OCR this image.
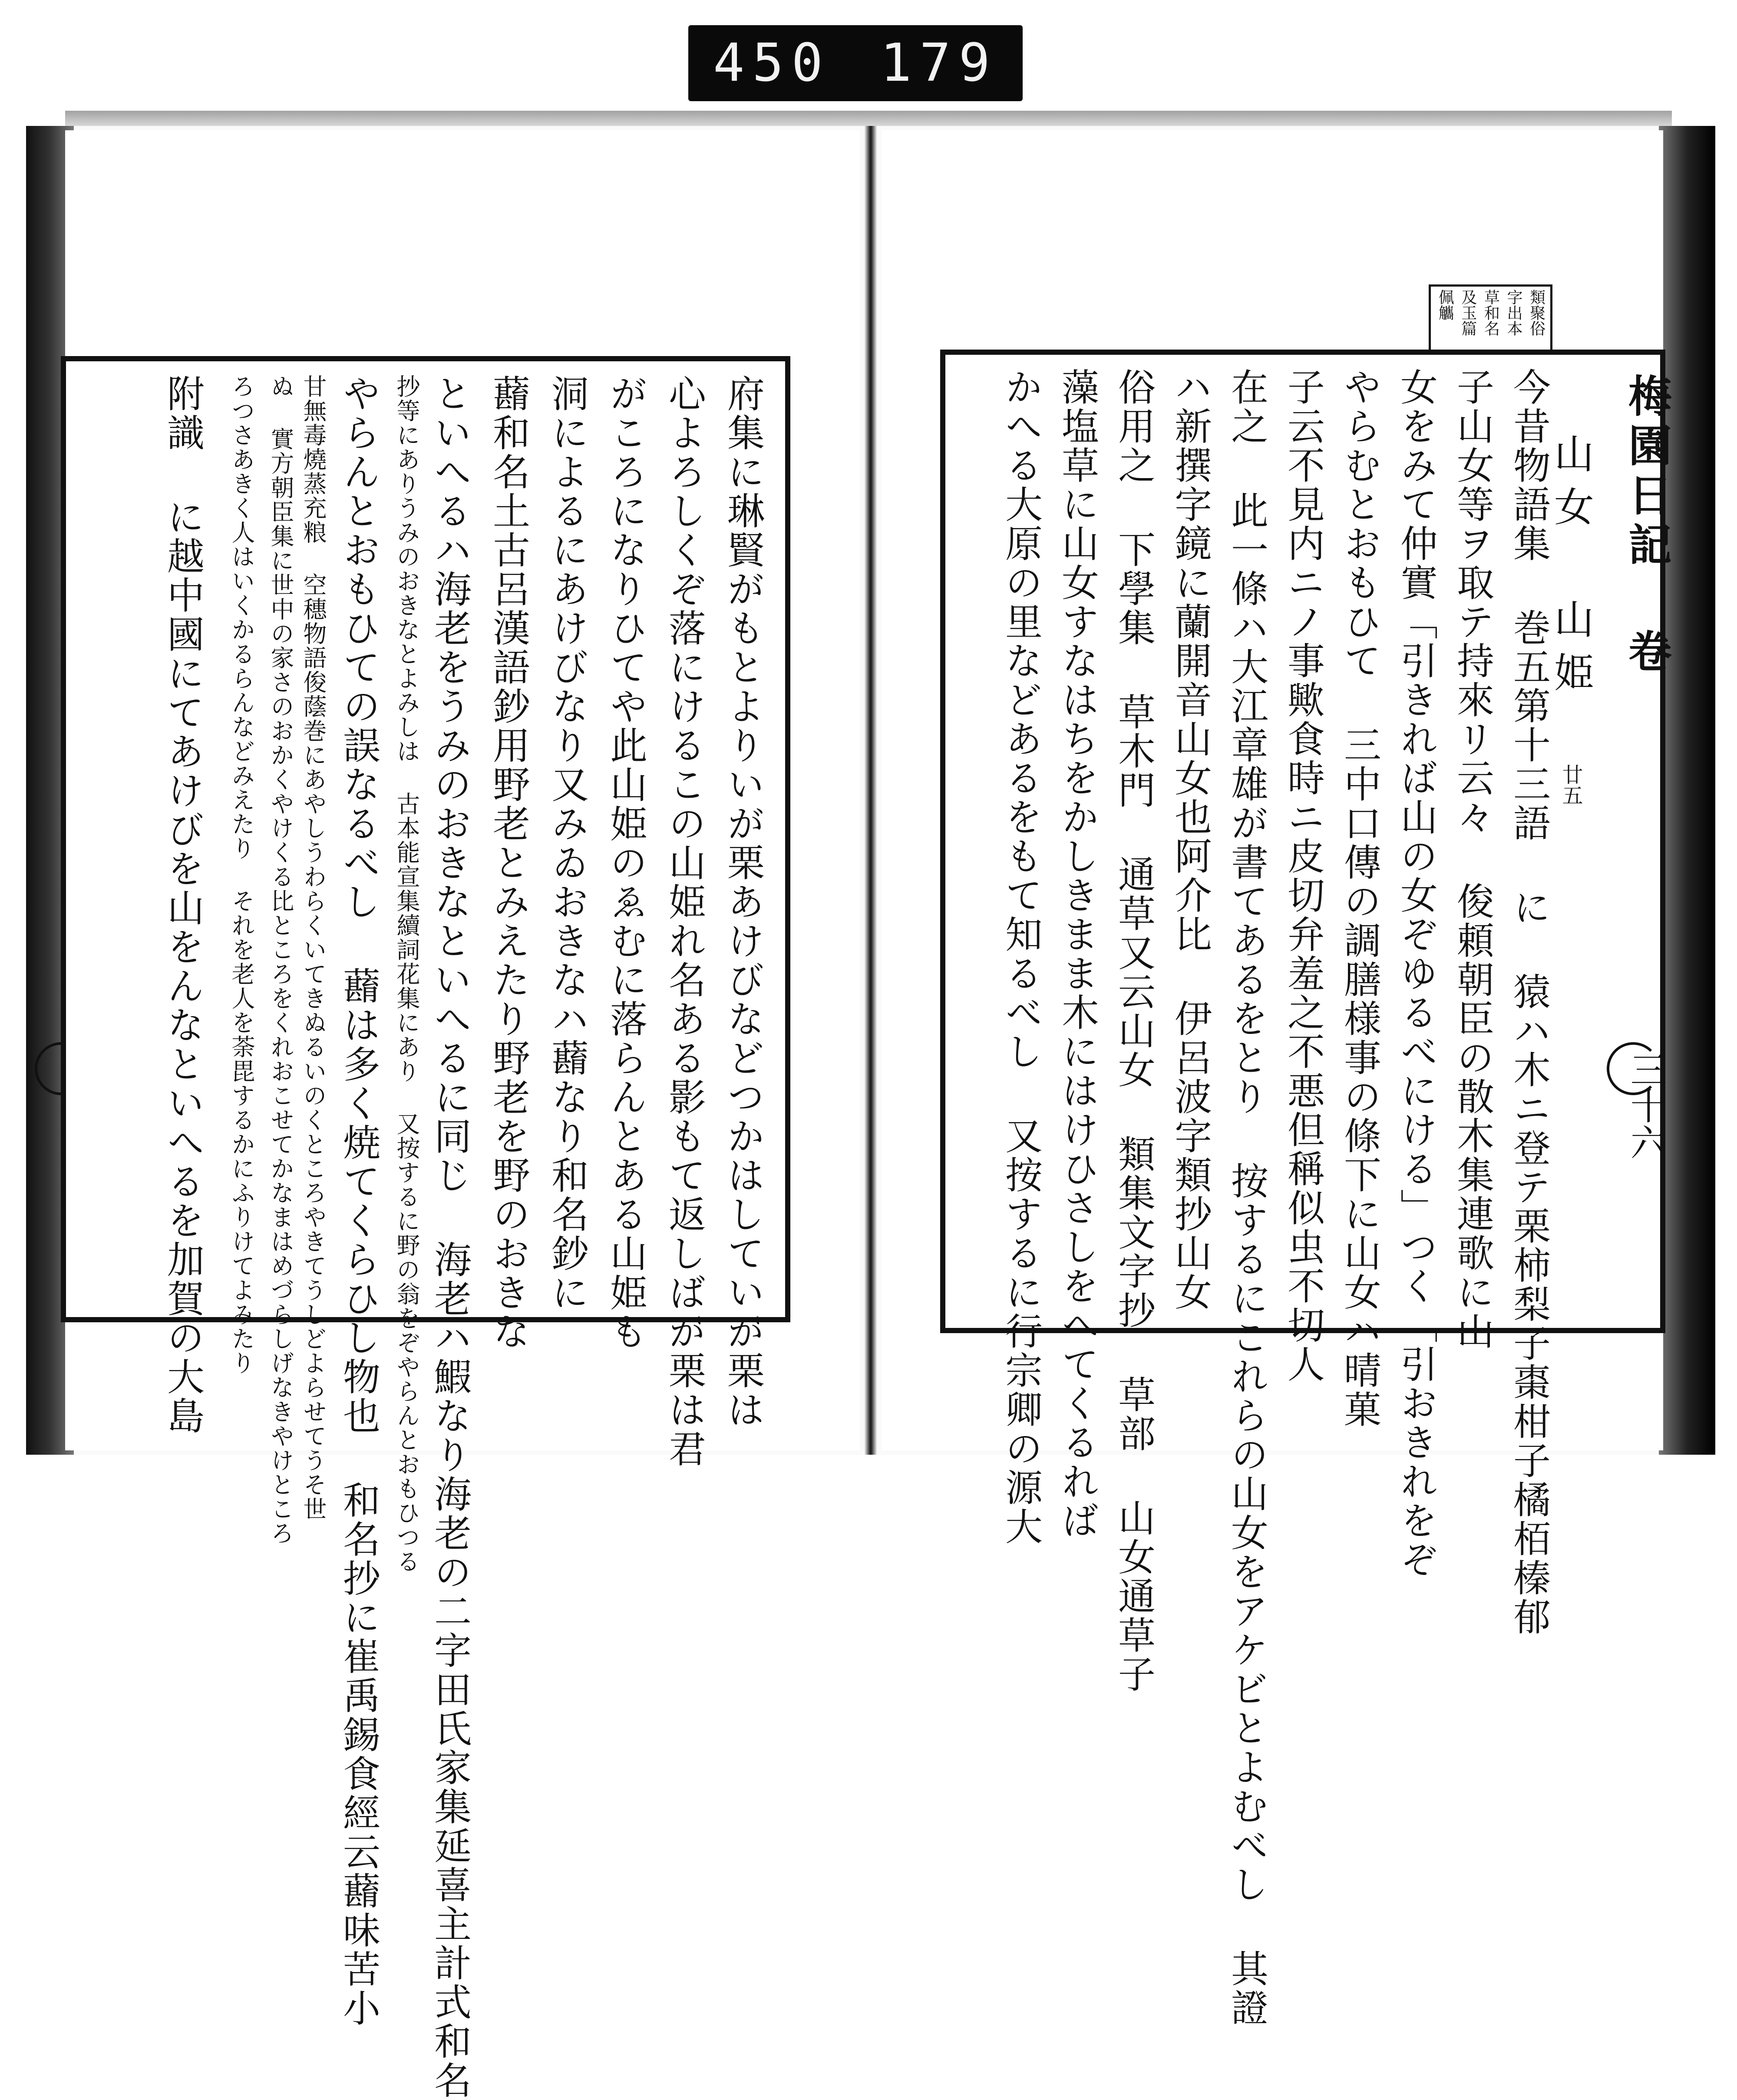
450 179
府集に琳賢がもとよりいが栗あけびなどつかはしていが栗は
心よろしくぞ落にけるこの山姫れ名ある影もて返しばが栗は君
がころになりひてや此山姫のゑむに落らんとある山姫も
洞によるにあけびなり又みゐおきなハ蘛なり和名鈔に
蘛和名土古呂漢語鈔用野老とみえたり野老を野のおきな
といへるハ海老をうみのおきなといへるに同じ 海老ハ鰕なり海老の二字田氏家集延喜主計式和名
抄等にありうみのおきなとよみしは 古本能宣集續詞花集にあり 又按するに野の翁をぞやらんとおもひつる
やらんとおもひての誤なるべし 蘛は多く焼てくらひし物也 和名抄に崔禹錫食經云蘛味苦小
甘無毒燒蒸充粮 空穗物語俊蔭巻にあやしうわらくいてきぬるいのくところやきてうしどよらせてうそ世
ぬ 實方朝臣集に世中の家さのおかくやけくる比ところをくれおこせてかなまはめづらしげなきやけところ
ろつさあきく人はいくかるらんなどみえたり それを老人を荼毘するかにふりけてよみたり
附識 に越中國にてあけびを山をんなといへるを加賀の大島
類聚俗
字出本
草和名
及玉篇
佩觿
今昔物語集 巻五第十三語 に 猿ハ木ニ登テ栗柿梨子棗柑子橘栢榛郁
子山女等ヲ取テ持來リ云々 俊頼朝臣の散木集連歌に山
女をみて仲實「引きれば山の女ぞゆるべにける」つく「引おきれをぞ
やらむとおもひて 三中口傳の調膳様事の條下に山女ハ晴菓
子云不見内ニノ事歟食時ニ皮切弁羞之不悪但稱似虫不切人
在之 此一條ハ大江章雄が書てあるをとり 按するにこれらの山女をアケビとよむべし 其證
ハ新撰字鏡に蘭開音山女也阿介比 伊呂波字類抄山女
俗用之 下學集 草木門 通草又云山女 類集文字抄 草部 山女通草子
藻塩草に山女すなはちをかしきまま木にはけひさしをへてくるれば
かへる大原の里などあるをもて知るべし 又按するに行宗卿の源大	山女 山姫 廿五
梅園日記 卷
三十六
